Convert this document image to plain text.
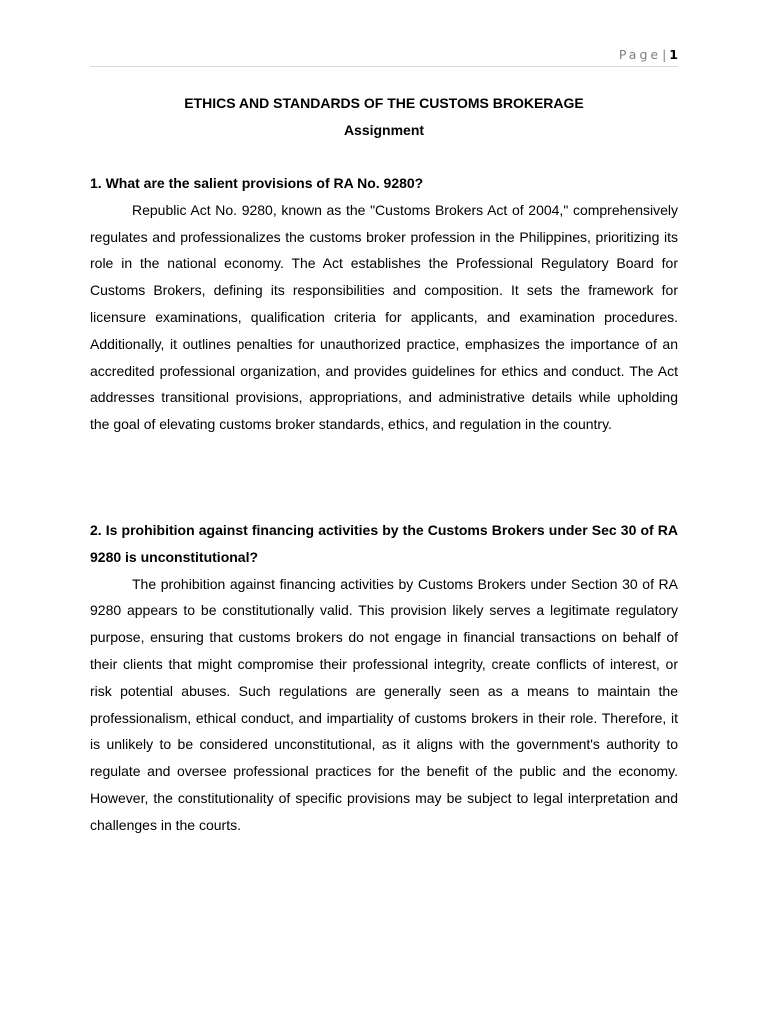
Page| 1
ETHICS AND STANDARDS OF THE CUSTOMS BROKERAGE
Assignment

1. What are the salient provisions of RA No. 9280?

Republic Act No. 9280, known as the "Customs Brokers Act of 2004," comprehensively regulates and professionalizes the customs broker profession in the Philippines, prioritizing its role in the national economy. The Act establishes the Professional Regulatory Board for Customs Brokers, defining its responsibilities and composition. It sets the framework for licensure examinations, qualification criteria for applicants, and examination procedures. Additionally, it outlines penalties for unauthorized practice, emphasizes the importance of an accredited professional organization, and provides guidelines for ethics and conduct. The Act addresses transitional provisions, appropriations, and administrative details while upholding the goal of elevating customs broker standards, ethics, and regulation in the country.

2. Is prohibition against financing activities by the Customs Brokers under Sec 30 of RA 9280 is unconstitutional?

The prohibition against financing activities by Customs Brokers under Section 30 of RA 9280 appears to be constitutionally valid. This provision likely serves a legitimate regulatory purpose, ensuring that customs brokers do not engage in financial transactions on behalf of their clients that might compromise their professional integrity, create conflicts of interest, or risk potential abuses. Such regulations are generally seen as a means to maintain the professionalism, ethical conduct, and impartiality of customs brokers in their role. Therefore, it is unlikely to be considered unconstitutional, as it aligns with the government's authority to regulate and oversee professional practices for the benefit of the public and the economy. However, the constitutionality of specific provisions may be subject to legal interpretation and challenges in the courts.
